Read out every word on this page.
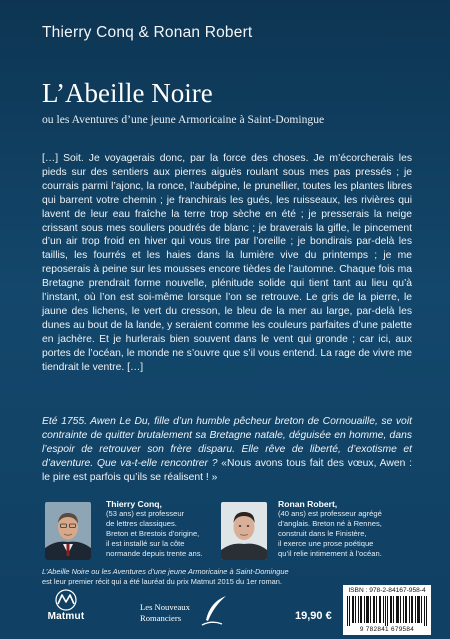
Thierry Conq & Ronan Robert
L’Abeille Noire
ou les Aventures d’une jeune Armoricaine à Saint-Domingue

[…] Soit. Je voyagerais donc, par la force des choses. Je m’écorcherais les pieds sur des sentiers aux pierres aiguës roulant sous mes pas pressés ; je courrais parmi l’ajonc, la ronce, l’aubépine, le prunellier, toutes les plantes libres qui barrent votre chemin ; je franchirais les gués, les ruisseaux, les rivières qui lavent de leur eau fraîche la terre trop sèche en été ; je presserais la neige crissant sous mes souliers poudrés de blanc ; je braverais la gifle, le pincement d’un air trop froid en hiver qui vous tire par l’oreille ; je bondirais par-delà les taillis, les fourrés et les haies dans la lumière vive du printemps ; je me reposerais à peine sur les mousses encore tièdes de l’automne. Chaque fois ma Bretagne prendrait forme nouvelle, plénitude solide qui tient tant au lieu qu’à l’instant, où l’on est soi-même lorsque l’on se retrouve. Le gris de la pierre, le jaune des lichens, le vert du cresson, le bleu de la mer au large, par-delà les dunes au bout de la lande, y seraient comme les couleurs parfaites d’une palette en jachère. Et je hurlerais bien souvent dans le vent qui gronde ; car ici, aux portes de l’océan, le monde ne s’ouvre que s’il vous entend. La rage de vivre me tiendrait le ventre. […]

Eté 1755. Awen Le Du, fille d’un humble pêcheur breton de Cornouaille, se voit contrainte de quitter brutalement sa Bretagne natale, déguisée en homme, dans l’espoir de retrouver son frère disparu. Elle rêve de liberté, d’exotisme et d’aventure. Que va-t-elle rencontrer ? «Nous avons tous fait des vœux, Awen : le pire est parfois qu’ils se réalisent ! »

Thierry Conq,
(53 ans) est professeur
de lettres classiques.
Breton et Brestois d’origine,
il est installé sur la côte
normande depuis trente ans.
Ronan Robert,
(40 ans) est professeur agrégé
d’anglais. Breton né à Rennes,
construit dans le Finistère,
il exerce une prose poétique
qu’il relie intimement à l’océan.
L’Abeille Noire ou les Aventures d’une jeune Armoricaine à Saint-Domingue
est leur premier récit qui a été lauréat du prix Matmut 2015 du 1er roman.
Matmut
Les Nouveaux
Romanciers	19,90 €
ISBN : 978-2-84167-958-4
9 782841 679584
